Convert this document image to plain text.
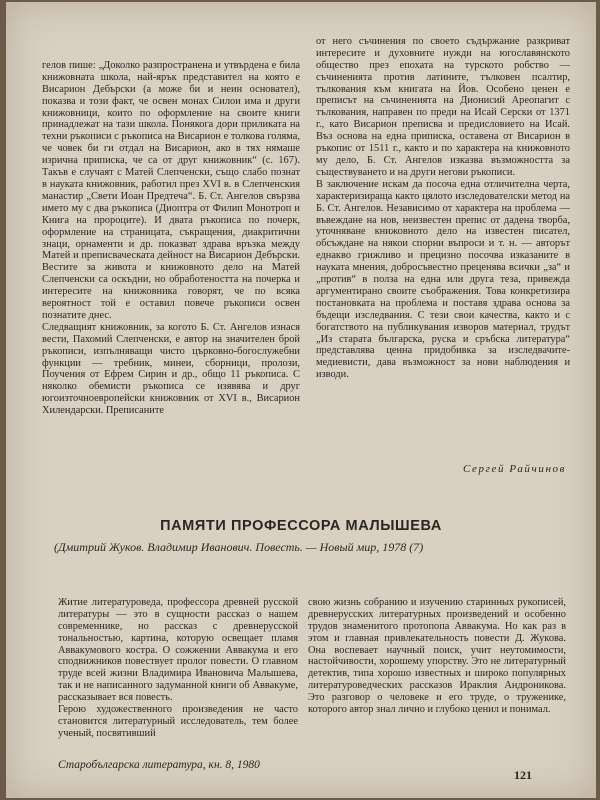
гелов пише: „Доколко разпространена и утвърдена е била книжовната школа, най-ярък представител на която е Висарион Дебърски (а може би и неин основател), показва и този факт, че освен монах Силои има и други книжовници, които по оформление на своите книги принадлежат на тази школа. Понякога дори приликата на техни ръкописи с ръкописа на Висарион е толкова голяма, че човек би ги отдал на Висарион, ако в тях нямаше изрична приписка, че са от друг книжовник“ (с. 167). Такъв е случаят с Матей Слепченски, също слабо познат в науката книжовник, работил през XVI в. в Слепченския манастир „Свети Иоан Предтеча“. Б. Ст. Ангелов свързва името му с два ръкописа (Диоптра от Филип Монотроп и Книга на пророците). И двата ръкописа по почерк, оформление на страницата, съкращения, диакритични знаци, орнаменти и др. показват здрава връзка между Матей и преписваческата дейност на Висарион Дебърски. Вестите за живота и книжовното дело на Матей Слепченски са оскъдни, но обработеността на почерка и интересите на книжовника говорят, че по всяка вероятност той е оставил повече ръкописи освен познатите днес.
Следващият книжовник, за когото Б. Ст. Ангелов изнася вести, Пахомий Слепченски, е автор на значителен брой ръкописи, изпълняващи чисто църковно-богослужебни функции — требник, минеи, сборници, пролози, Поучения от Ефрем Сирин и др., общо 11 ръкописа. С няколко обемисти ръкописа се изявява и друг югоизточноевропейски книжовник от XVI в., Висарион Хилендарски. Преписаните

от него съчинения по своето съдържание разкриват интересите и духовните нужди на югославянското общество през епохата на турското робство — съчиненията против латините, тълковен псалтир, тълкования към книгата на Йов. Особено ценен е преписът на съчиненията на Дионисий Ареопагит с тълкования, направен по преди на Исай Серски от 1371 г., като Висарион преписва и предисловието на Исай. Въз основа на една приписка, оставена от Висарион в ръкопис от 1511 г., както и по характера на книжовното му дело, Б. Ст. Ангелов изказва възможността за съществуването и на други негови ръкописи.
В заключение искам да посоча една отличителна черта, характеризираща както цялото изследователски метод на Б. Ст. Ангелов. Независимо от характера на проблема — въвеждане на нов, неизвестен препис от дадена творба, уточняване книжовното дело на известен писател, обсъждане на някои спорни въпроси и т. н. — авторът еднакво грижливо и прецизно посочва изказаните в науката мнения, добросъвестно преценява всички „за“ и „против“ в полза на една или друга теза, привежда аргументирано своите съображения. Това конкретизира постановката на проблема и поставя здрава основа за бъдещи изследвания. С тези свои качества, както и с богатството на публикувания изворов материал, трудът „Из старата българска, руска и сръбска литература“ представлява ценна придобивка за изследвачите-медиевисти, дава възможност за нови наблюдения и изводи.

Сергей Райчинов
ПАМЯТИ ПРОФЕССОРА МАЛЫШЕВА
(Дмитрий Жуков. Владимир Иванович. Повесть. — Новый мир, 1978 (7)

Житие литературоведа, профессора древней русской литературы — это в сущности рассказ о нашем современнике, но рассказ с древнерусской тональностью, картина, которую освещает пламя Аввакумового костра. О сожжении Аввакума и его сподвижников повествует пролог повести. О главном труде всей жизни Владимира Ивановича Малышева, так и не написанного задуманной книги об Аввакуме, рассказывает вся повесть.
Герою художественного произведения не часто становится литературный исследователь, тем более ученый, посвятивший

свою жизнь собранию и изучению старинных рукописей, древнерусских литературных произведений и особенно трудов знаменитого протопопа Аввакума. Но как раз в этом и главная привлекательность повести Д. Жукова. Она воспевает научный поиск, учит неутомимости, настойчивости, хорошему упорству. Это не литературный детектив, типа хорошо известных и широко популярных литературоведческих рассказов Ираклия Андроникова. Это разговор о человеке и его труде, о труженике, которого автор знал лично и глубоко ценил и понимал.

Старобългарска литература, кн. 8, 1980
121
